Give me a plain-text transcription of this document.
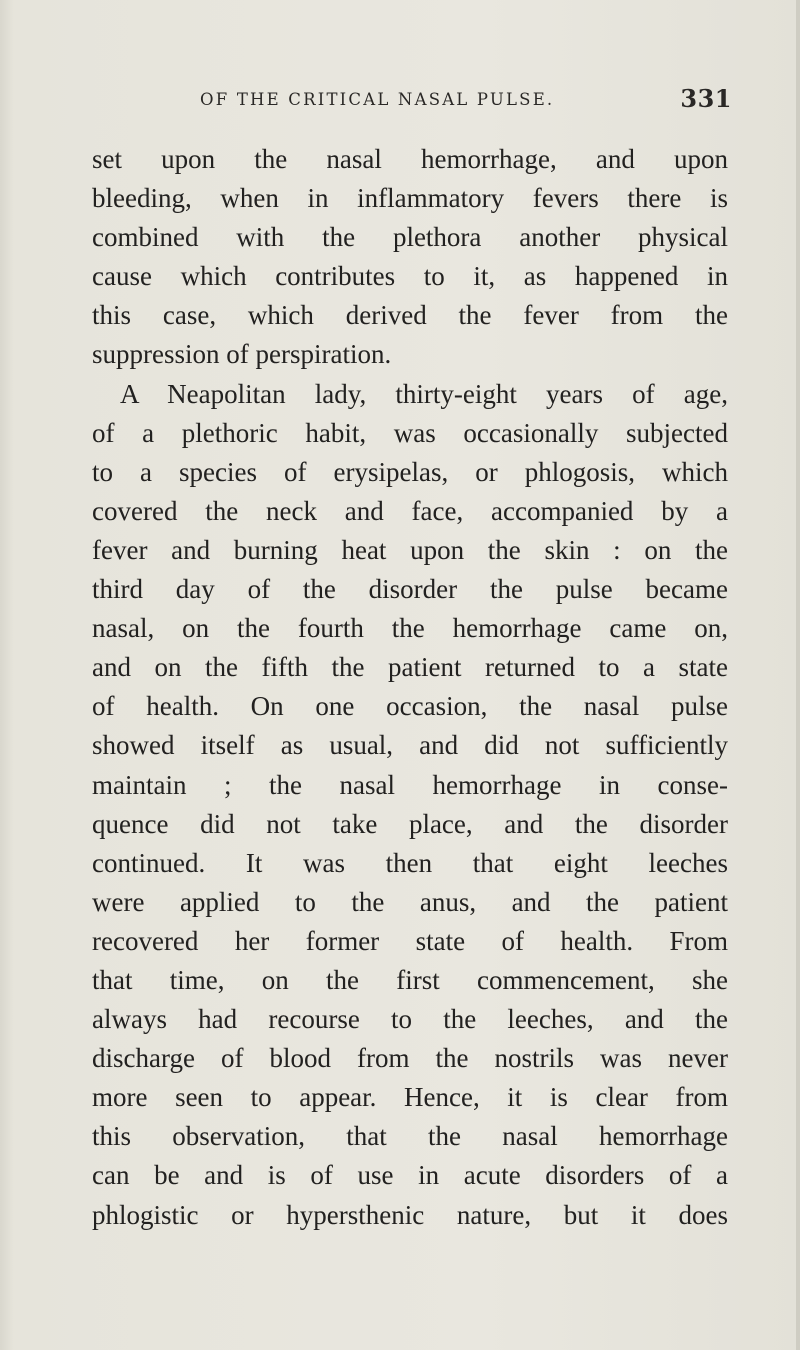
OF THE CRITICAL NASAL PULSE.	331
set upon the nasal hemorrhage, and upon
bleeding, when in inflammatory fevers there is
combined with the plethora another physical
cause which contributes to it, as happened in
this case, which derived the fever from the
suppression of perspiration.
A Neapolitan lady, thirty-eight years of age,
of a plethoric habit, was occasionally subjected
to a species of erysipelas, or phlogosis, which
covered the neck and face, accompanied by a
fever and burning heat upon the skin : on the
third day of the disorder the pulse became
nasal, on the fourth the hemorrhage came on,
and on the fifth the patient returned to a state
of health. On one occasion, the nasal pulse
showed itself as usual, and did not sufficiently
maintain ; the nasal hemorrhage in conse-
quence did not take place, and the disorder
continued. It was then that eight leeches
were applied to the anus, and the patient
recovered her former state of health. From
that time, on the first commencement, she
always had recourse to the leeches, and the
discharge of blood from the nostrils was never
more seen to appear. Hence, it is clear from
this observation, that the nasal hemorrhage
can be and is of use in acute disorders of a
phlogistic or hypersthenic nature, but it does
